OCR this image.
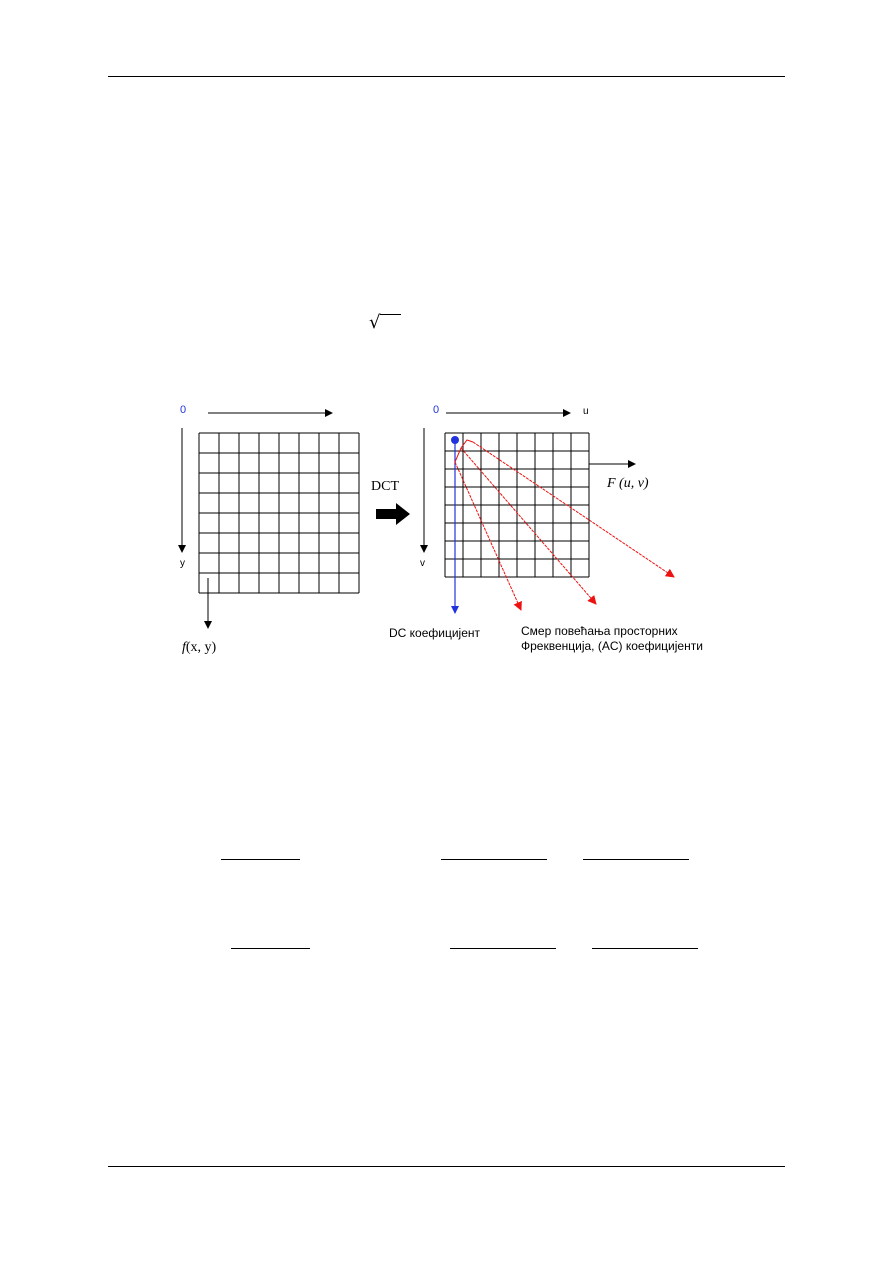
√
0
y
f(x, y)
DCT
0	u
v
F (u, v)
DC коефицијент	Смер повећања просторних
Фреквенција, (AC) коефицијенти
